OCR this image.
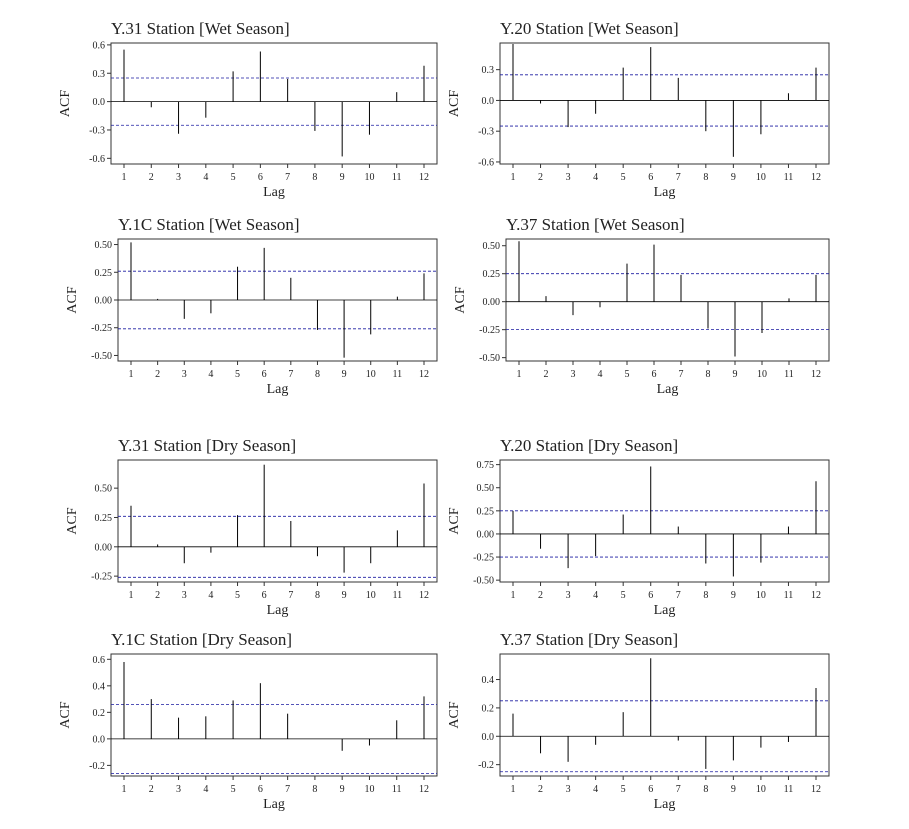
Y.31 Station [Wet Season]
-0.6
-0.3
0.0
0.3
0.6
1 2 3 4 5 6 7 8 9 10 11 12
Lag
ACF
Y.20 Station [Wet Season]
-0.6
-0.3
0.0
0.3
1 2 3 4 5 6 7 8 9 10 11 12
Lag
ACF
Y.1C Station [Wet Season]
-0.50
-0.25
0.00
0.25
0.50
1 2 3 4 5 6 7 8 9 10 11 12
Lag
ACF
Y.37 Station [Wet Season]
-0.50
-0.25
0.00
0.25
0.50
1 2 3 4 5 6 7 8 9 10 11 12
Lag
ACF
Y.31 Station [Dry Season]
-0.25
0.00
0.25
0.50
1 2 3 4 5 6 7 8 9 10 11 12
Lag
ACF
Y.20 Station [Dry Season]
-0.50
-0.25
0.00
0.25
0.50
0.75
1 2 3 4 5 6 7 8 9 10 11 12
Lag
ACF
Y.1C Station [Dry Season]
-0.2
0.0
0.2
0.4
0.6
1 2 3 4 5 6 7 8 9 10 11 12
Lag
ACF
Y.37 Station [Dry Season]
-0.2
0.0
0.2
0.4
1 2 3 4 5 6 7 8 9 10 11 12
Lag
ACF
